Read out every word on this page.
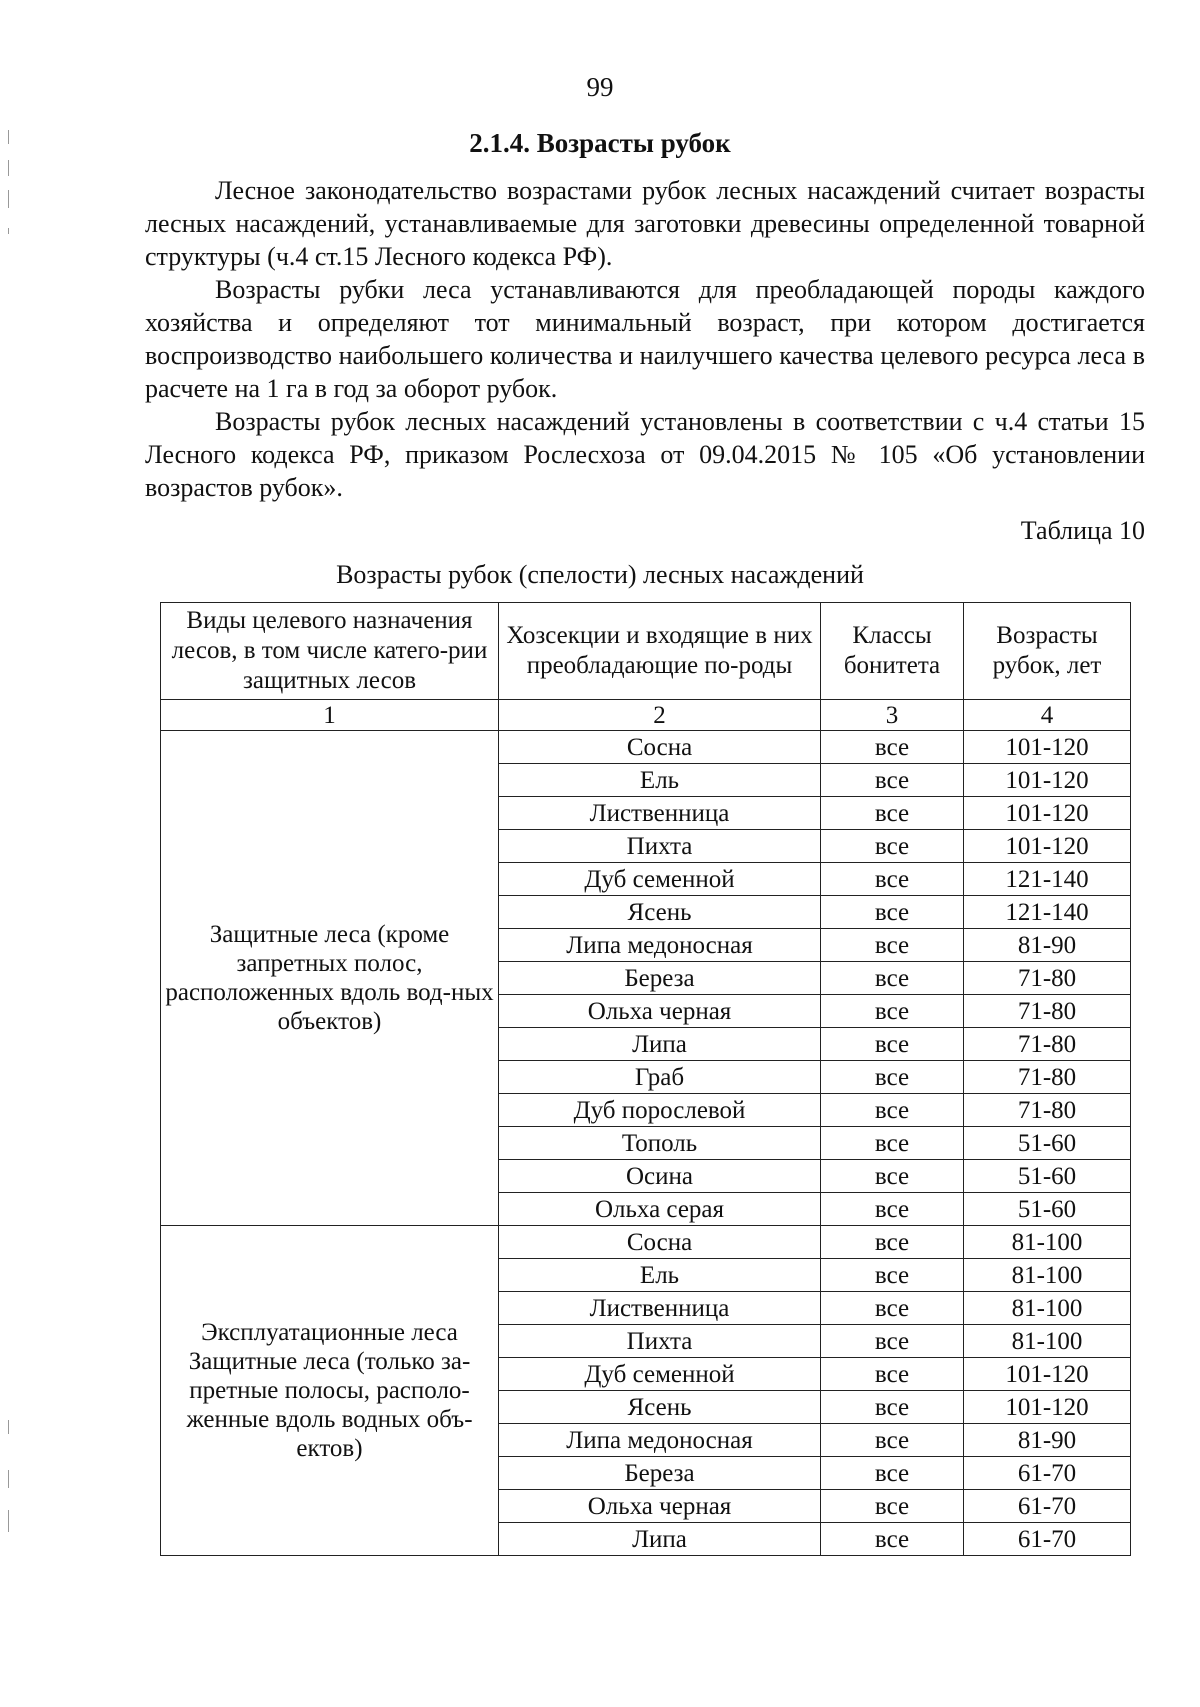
99
2.1.4. Возрасты рубок

Лесное законодательство возрастами рубок лесных насаждений считает возрасты лесных насаждений, устанавливаемые для заготовки древесины определенной товарной структуры (ч.4 ст.15 Лесного кодекса РФ).

Возрасты рубки леса устанавливаются для преобладающей породы каждого хозяйства и определяют тот минимальный возраст, при котором достигается воспроизводство наибольшего количества и наилучшего качества целевого ресурса леса в расчете на 1 га в год за оборот рубок.

Возрасты рубок лесных насаждений установлены в соответствии с ч.4 статьи 15 Лесного кодекса РФ, приказом Рослесхоза от 09.04.2015 № 105 «Об установлении возрастов рубок».

Таблица 10
Возрасты рубок (спелости) лесных насаждений
Виды целевого назначения лесов, в том числе катего-рии защитных лесов	Хозсекции и входящие в них преобладающие по-роды	Классы бонитета	Возрасты рубок, лет
1	2	3	4
Защитные леса (кроме запретных полос, расположенных вдоль вод-ных объектов)	Сосна	все	101-120
	Ель	все	101-120
	Лиственница	все	101-120
	Пихта	все	101-120
	Дуб семенной	все	121-140
	Ясень	все	121-140
	Липа медоносная	все	81-90
	Береза	все	71-80
	Ольха черная	все	71-80
	Липа	все	71-80
	Граб	все	71-80
	Дуб порослевой	все	71-80
	Тополь	все	51-60
	Осина	все	51-60
	Ольха серая	все	51-60
Эксплуатационные леса Защитные леса (только за-претные полосы, располо-женные вдоль водных объ-ектов)	Сосна	все	81-100
	Ель	все	81-100
	Лиственница	все	81-100
	Пихта	все	81-100
	Дуб семенной	все	101-120
	Ясень	все	101-120
	Липа медоносная	все	81-90
	Береза	все	61-70
	Ольха черная	все	61-70
	Липа	все	61-70
